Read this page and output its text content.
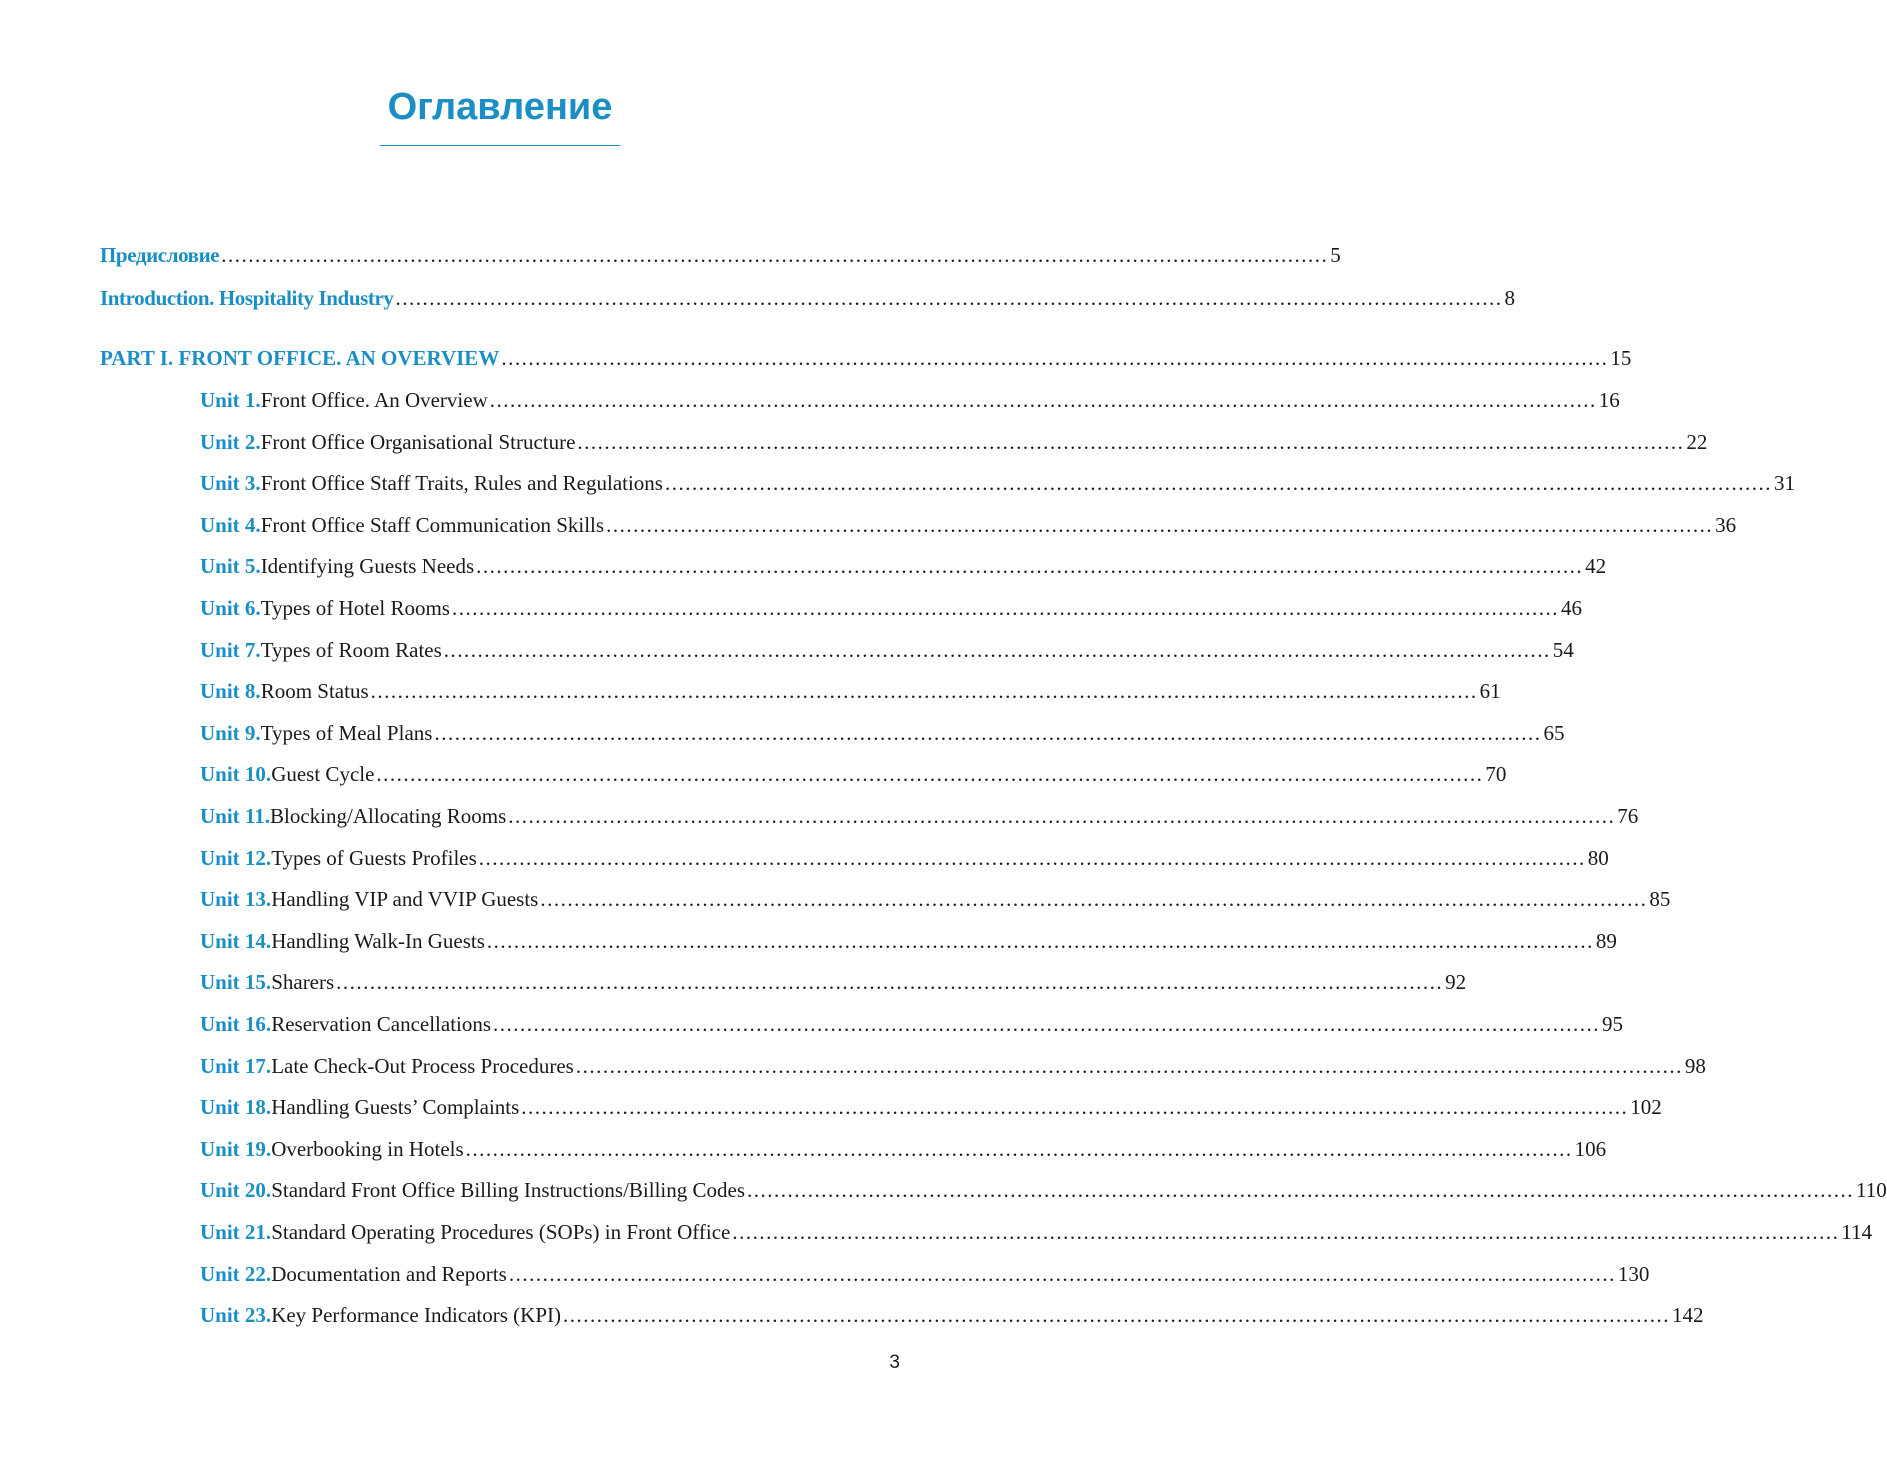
Оглавление
Предисловие .................................................................................................................................................................... 5
Introduction. Hospitality Industry .................................................................................................................................................................... 8
PART I. FRONT OFFICE. AN OVERVIEW .................................................................................................................................................................... 15
Unit 1. Front Office. An Overview .................................................................................................................................................................... 16
Unit 2. Front Office Organisational Structure .................................................................................................................................................................... 22
Unit 3. Front Office Staff Traits, Rules and Regulations .................................................................................................................................................................... 31
Unit 4. Front Office Staff Communication Skills .................................................................................................................................................................... 36
Unit 5. Identifying Guests Needs .................................................................................................................................................................... 42
Unit 6. Types of Hotel Rooms .................................................................................................................................................................... 46
Unit 7. Types of Room Rates .................................................................................................................................................................... 54
Unit 8. Room Status .................................................................................................................................................................... 61
Unit 9. Types of Meal Plans .................................................................................................................................................................... 65
Unit 10. Guest Cycle .................................................................................................................................................................... 70
Unit 11. Blocking/Allocating Rooms .................................................................................................................................................................... 76
Unit 12. Types of Guests Profiles .................................................................................................................................................................... 80
Unit 13. Handling VIP and VVIP Guests .................................................................................................................................................................... 85
Unit 14. Handling Walk-In Guests .................................................................................................................................................................... 89
Unit 15. Sharers .................................................................................................................................................................... 92
Unit 16. Reservation Cancellations .................................................................................................................................................................... 95
Unit 17. Late Check-Out Process Procedures .................................................................................................................................................................... 98
Unit 18. Handling Guests’ Complaints .................................................................................................................................................................... 102
Unit 19. Overbooking in Hotels .................................................................................................................................................................... 106
Unit 20. Standard Front Office Billing Instructions/Billing Codes .................................................................................................................................................................... 110
Unit 21. Standard Operating Procedures (SOPs) in Front Office .................................................................................................................................................................... 114
Unit 22. Documentation and Reports .................................................................................................................................................................... 130
Unit 23. Key Performance Indicators (KPI) .................................................................................................................................................................... 142
3
